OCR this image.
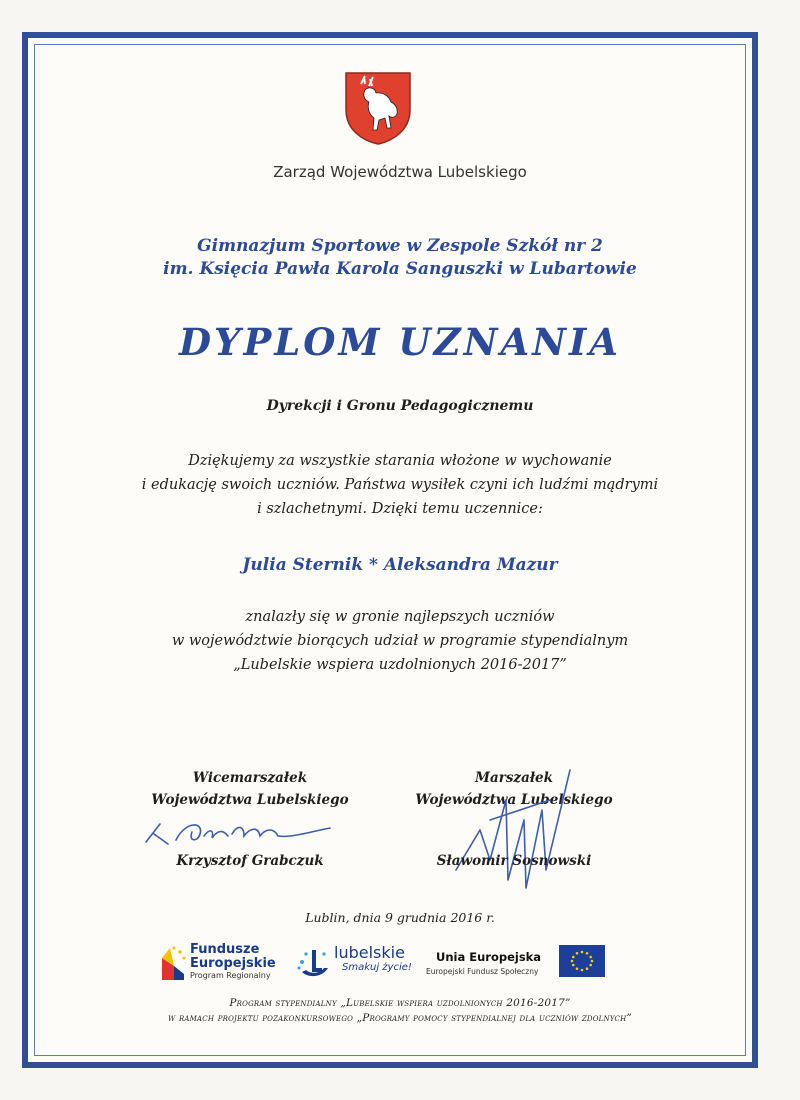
Zarząd Województwa Lubelskiego
Gimnazjum Sportowe w Zespole Szkół nr 2
im. Księcia Pawła Karola Sanguszki w Lubartowie
DYPLOM UZNANIA
Dyrekcji i Gronu Pedagogicznemu
Dziękujemy za wszystkie starania włożone w wychowanie
i edukację swoich uczniów. Państwa wysiłek czyni ich ludźmi mądrymi
i szlachetnymi. Dzięki temu uczennice:
Julia Sternik * Aleksandra Mazur
znalazły się w gronie najlepszych uczniów
w województwie biorących udział w programie stypendialnym
„Lubelskie wspiera uzdolnionych 2016-2017”
Wicemarszałek
Województwa Lubelskiego
Krzysztof Grabczuk
Marszałek
Województwa Lubelskiego
Sławomir Sosnowski
Lublin, dnia 9 grudnia 2016 r.
Fundusze
Europejskie
Program Regionalny
lubelskie
Smakuj życie!
Unia Europejska
Europejski Fundusz Społeczny
Program stypendialny „Lubelskie wspiera uzdolnionych 2016-2017”
w ramach projektu pozakonkursowego „Programy pomocy stypendialnej dla uczniów zdolnych”
